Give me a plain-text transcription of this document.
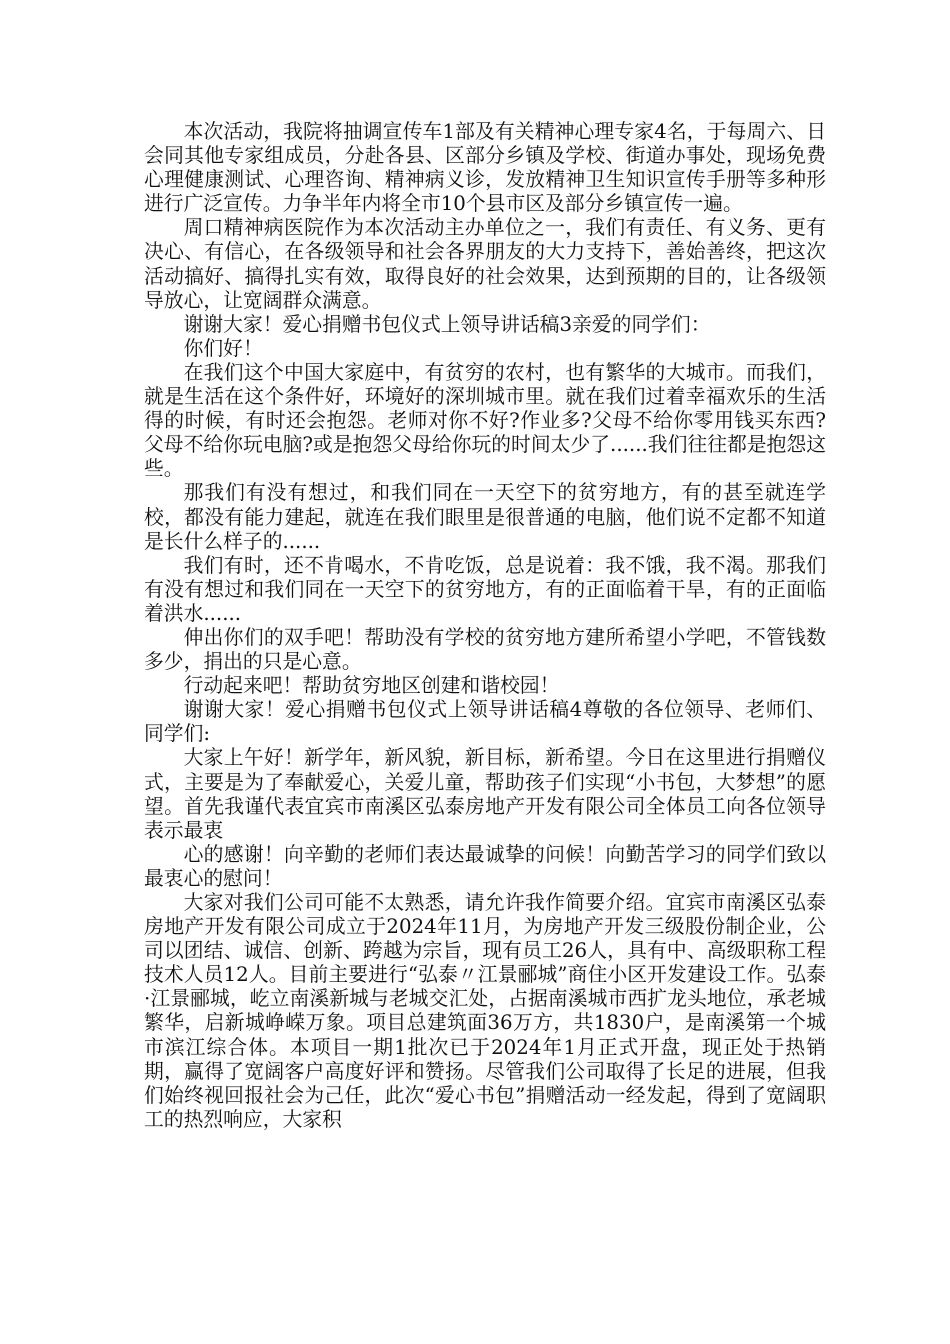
本次活动，我院将抽调宣传车1部及有关精神心理专家4名，于每周六、日会同其他专家组成员，分赴各县、区部分乡镇及学校、街道办事处，现场免费心理健康测试、心理咨询、精神病义诊，发放精神卫生知识宣传手册等多种形进行广泛宣传。力争半年内将全市10个县市区及部分乡镇宣传一遍。

周口精神病医院作为本次活动主办单位之一，我们有责任、有义务、更有决心、有信心，在各级领导和社会各界朋友的大力支持下，善始善终，把这次活动搞好、搞得扎实有效，取得良好的社会效果，达到预期的目的，让各级领导放心，让宽阔群众满意。

谢谢大家！爱心捐赠书包仪式上领导讲话稿3亲爱的同学们：

你们好！

在我们这个中国大家庭中，有贫穷的农村，也有繁华的大城市。而我们，就是生活在这个条件好，环境好的深圳城市里。就在我们过着幸福欢乐的生活得的时候，有时还会抱怨。老师对你不好?作业多?父母不给你零用钱买东西?父母不给你玩电脑?或是抱怨父母给你玩的时间太少了......我们往往都是抱怨这些。

那我们有没有想过，和我们同在一天空下的贫穷地方，有的甚至就连学校，都没有能力建起，就连在我们眼里是很普通的电脑，他们说不定都不知道是长什么样子的......

我们有时，还不肯喝水，不肯吃饭，总是说着：我不饿，我不渴。那我们有没有想过和我们同在一天空下的贫穷地方，有的正面临着干旱，有的正面临着洪水......

伸出你们的双手吧！帮助没有学校的贫穷地方建所希望小学吧，不管钱数多少，捐出的只是心意。

行动起来吧！帮助贫穷地区创建和谐校园！

谢谢大家！爱心捐赠书包仪式上领导讲话稿4尊敬的各位领导、老师们、同学们:

大家上午好！新学年，新风貌，新目标，新希望。今日在这里进行捐赠仪式，主要是为了奉献爱心，关爱儿童，帮助孩子们实现“小书包，大梦想”的愿望。首先我谨代表宜宾市南溪区弘泰房地产开发有限公司全体员工向各位领导表示最衷

心的感谢！向辛勤的老师们表达最诚挚的问候！向勤苦学习的同学们致以最衷心的慰问！

大家对我们公司可能不太熟悉，请允许我作简要介绍。宜宾市南溪区弘泰房地产开发有限公司成立于2024年11月，为房地产开发三级股份制企业，公司以团结、诚信、创新、跨越为宗旨，现有员工26人，具有中、高级职称工程技术人员12人。目前主要进行“弘泰〃江景郦城”商住小区开发建设工作。弘泰·江景郦城，屹立南溪新城与老城交汇处，占据南溪城市西扩龙头地位，承老城繁华，启新城峥嵘万象。项目总建筑面36万方，共1830户，是南溪第一个城市滨江综合体。本项目一期1批次已于2024年1月正式开盘，现正处于热销期，赢得了宽阔客户高度好评和赞扬。尽管我们公司取得了长足的进展，但我们始终视回报社会为己任，此次“爱心书包”捐赠活动一经发起，得到了宽阔职工的热烈响应，大家积
